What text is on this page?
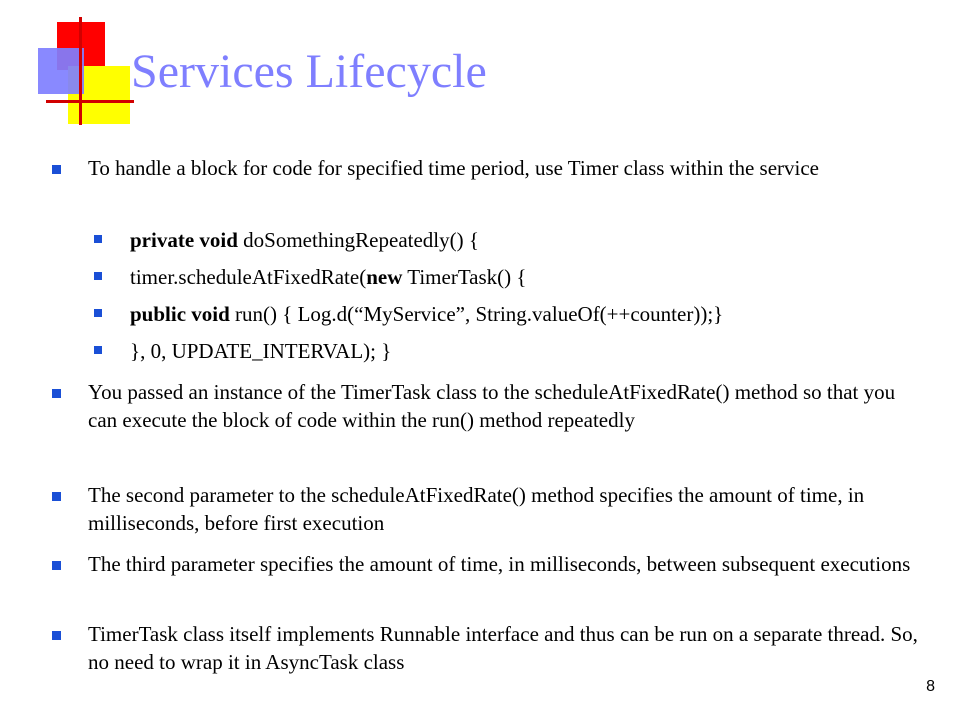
Services Lifecycle
To handle a block for code for specified time period, use Timer class within the service
private void doSomethingRepeatedly() {
timer.scheduleAtFixedRate(new TimerTask() {
public void run() { Log.d(“MyService”, String.valueOf(++counter));}
}, 0, UPDATE_INTERVAL); }
You passed an instance of the TimerTask class to the scheduleAtFixedRate() method so that you can execute the block of code within the run() method repeatedly
The second parameter to the scheduleAtFixedRate() method specifies the amount of time, in milliseconds, before first execution
The third parameter specifies the amount of time, in milliseconds, between subsequent executions
TimerTask class itself implements Runnable interface and thus can be run on a separate thread. So, no need to wrap it in AsyncTask class
8
